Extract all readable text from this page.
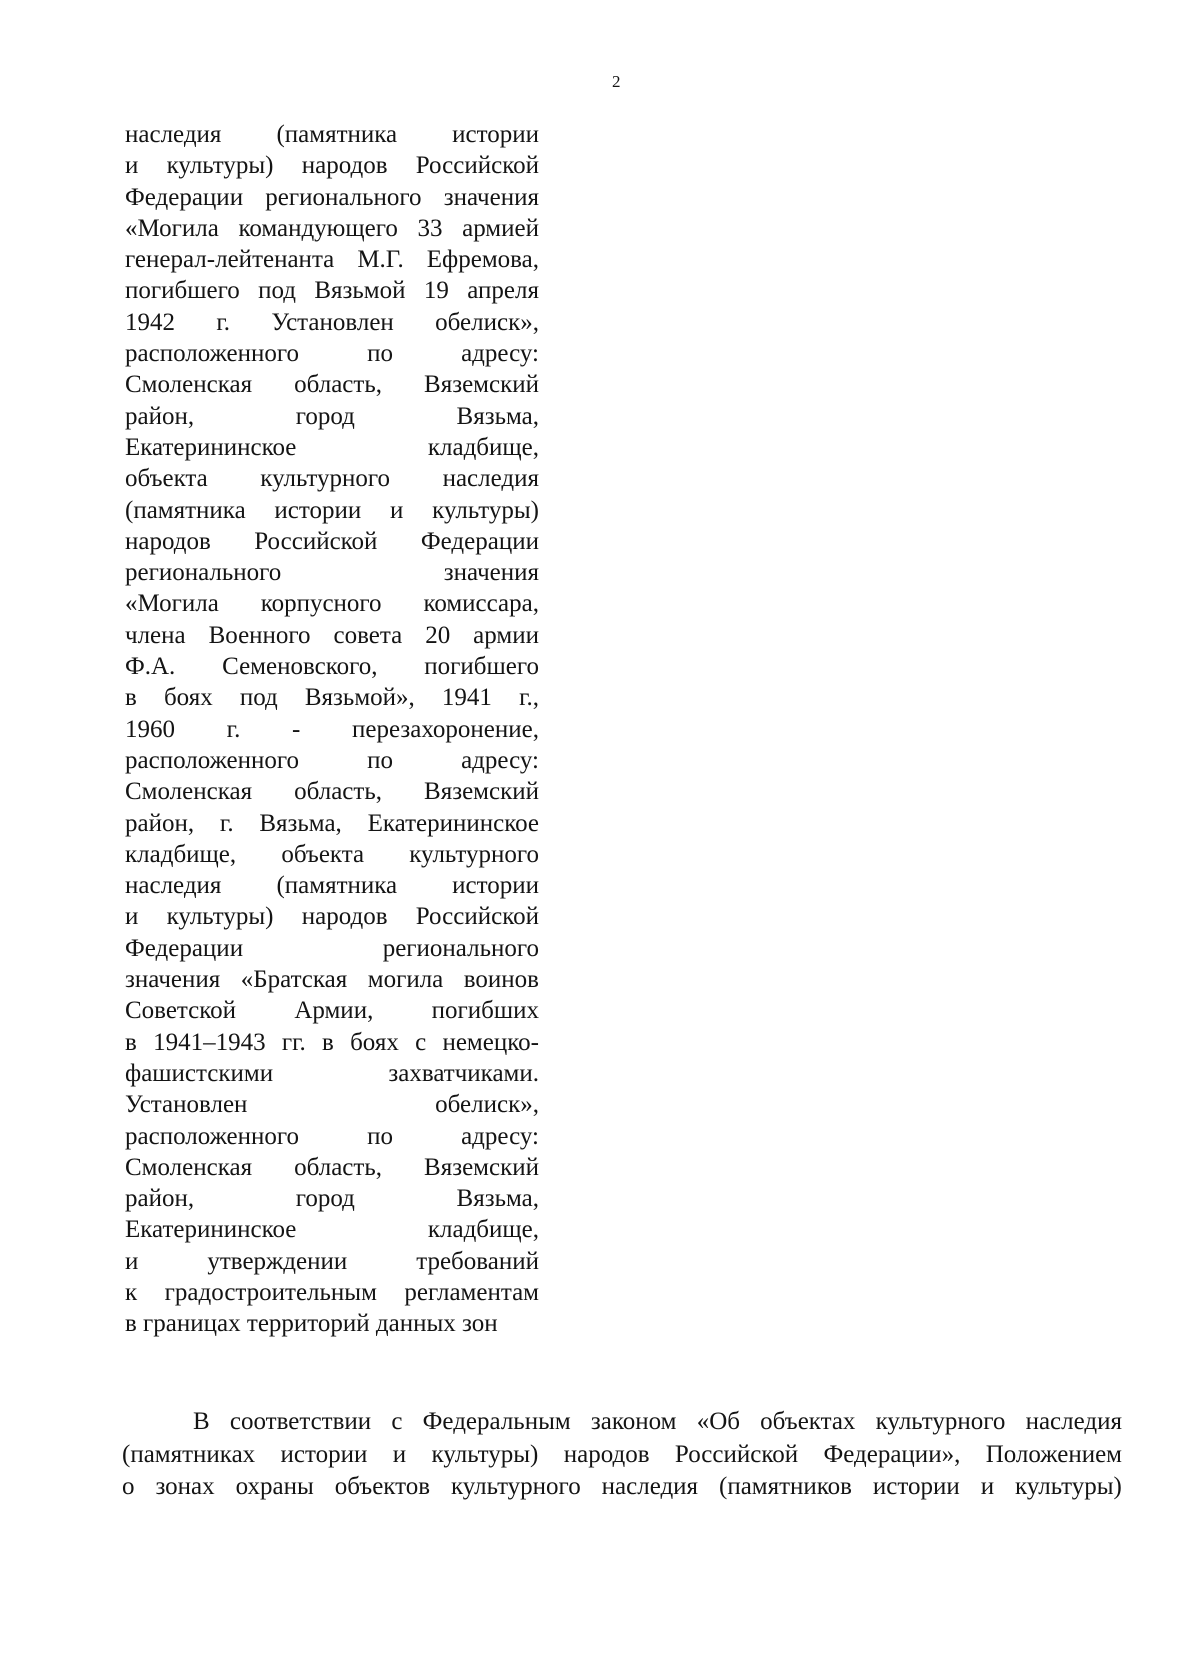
2
наследия (памятника истории
и культуры) народов Российской
Федерации регионального значения
«Могила командующего 33 армией
генерал-лейтенанта М.Г. Ефремова,
погибшего под Вязьмой 19 апреля
1942 г. Установлен обелиск»,
расположенного	по	адресу:
Смоленская область, Вяземский
район,	город	Вязьма,
Екатерининское	кладбище,
объекта культурного наследия
(памятника истории и культуры)
народов Российской Федерации
регионального	значения
«Могила корпусного комиссара,
члена Военного совета 20 армии
Ф.А. Семеновского, погибшего
в боях под Вязьмой», 1941 г.,
1960 г. - перезахоронение,
расположенного	по	адресу:
Смоленская область, Вяземский
район, г. Вязьма, Екатерининское
кладбище, объекта культурного
наследия (памятника истории
и культуры) народов Российской
Федерации	регионального
значения «Братская могила воинов
Советской Армии, погибших
в 1941–1943 гг. в боях с немецко-
фашистскими	захватчиками.
Установлен	обелиск»,
расположенного	по	адресу:
Смоленская область, Вяземский
район,	город	Вязьма,
Екатерининское	кладбище,
и	утверждении	требований
к градостроительным регламентам
в границах территорий данных зон
В соответствии с Федеральным законом «Об объектах культурного наследия
(памятниках истории и культуры) народов Российской Федерации», Положением
о зонах охраны объектов культурного наследия (памятников истории и культуры)
